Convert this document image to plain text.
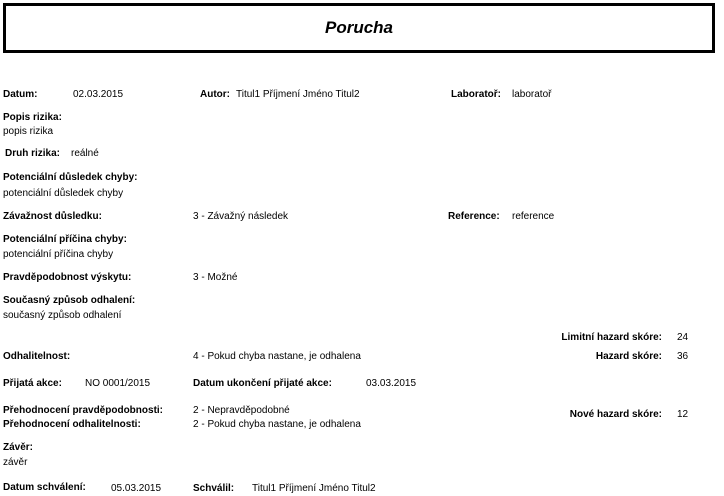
Porucha
Datum:	02.03.2015	Autor: Titul1 Příjmení Jméno Titul2	Laboratoř: laboratoř
Popis rizika:
popis rizika
Druh rizika: reálné
Potenciální důsledek chyby:
potenciální důsledek chyby
Závažnost důsledku:	3 - Závažný následek	Reference: reference
Potenciální příčina chyby:
potenciální příčina chyby
Pravděpodobnost výskytu:	3 - Možné
Současný způsob odhalení:
současný způsob odhalení
Limitní hazard skóre: 24
Odhalitelnost:	4 - Pokud chyba nastane, je odhalena	Hazard skóre: 36
Přijatá akce: NO 0001/2015	Datum ukončení přijaté akce:	03.03.2015
Přehodnocení pravděpodobnosti:	2 - Nepravděpodobné
Přehodnocení odhalitelnosti:	2 - Pokud chyba nastane, je odhalena
Nové hazard skóre: 12
Závěr:
závěr
Datum schválení:	05.03.2015	Schválil: Titul1 Příjmení Jméno Titul2
